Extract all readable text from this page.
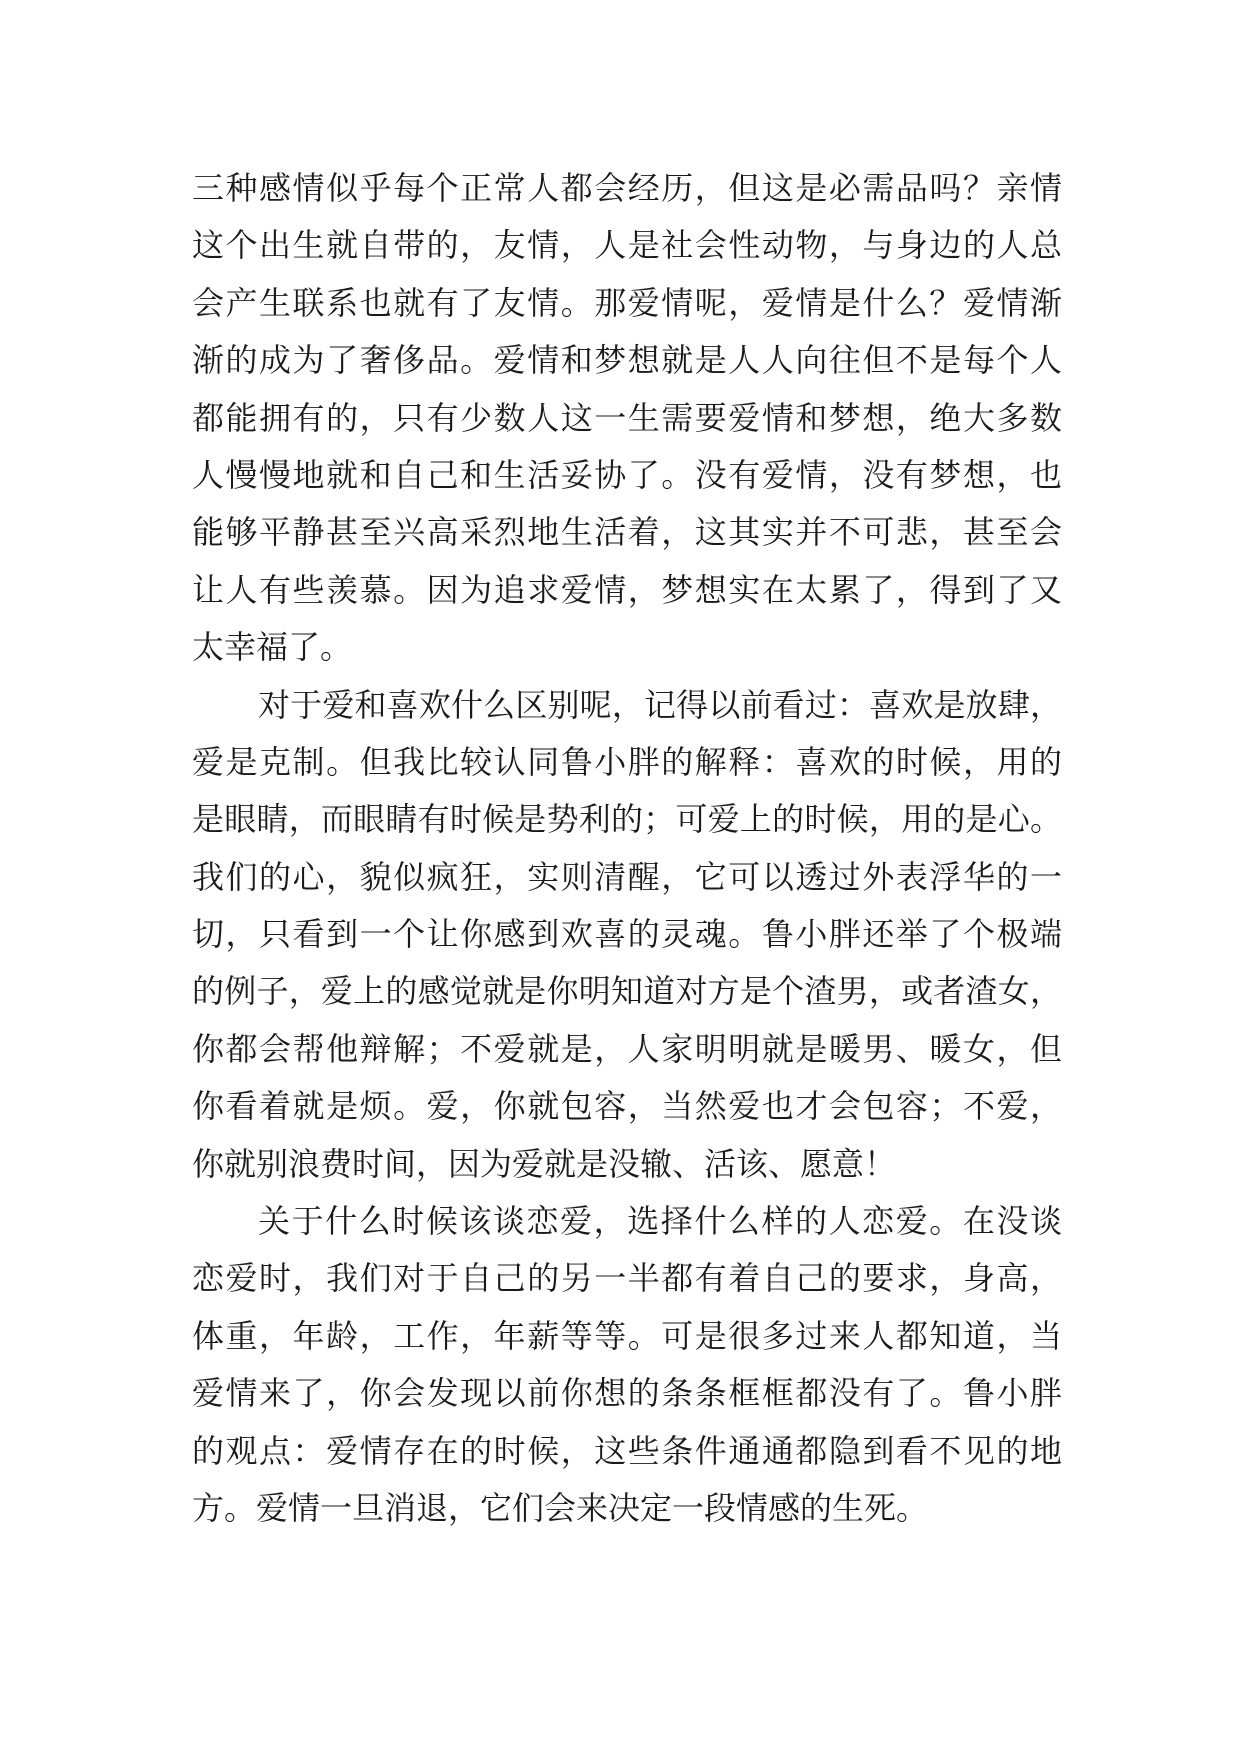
三种感情似乎每个正常人都会经历，但这是必需品吗？亲情
这个出生就自带的，友情，人是社会性动物，与身边的人总
会产生联系也就有了友情。那爱情呢，爱情是什么？爱情渐
渐的成为了奢侈品。爱情和梦想就是人人向往但不是每个人
都能拥有的，只有少数人这一生需要爱情和梦想，绝大多数
人慢慢地就和自己和生活妥协了。没有爱情，没有梦想，也
能够平静甚至兴高采烈地生活着，这其实并不可悲，甚至会
让人有些羡慕。因为追求爱情，梦想实在太累了，得到了又
太幸福了。
对于爱和喜欢什么区别呢，记得以前看过：喜欢是放肆，
爱是克制。但我比较认同鲁小胖的解释：喜欢的时候，用的
是眼睛，而眼睛有时候是势利的；可爱上的时候，用的是心。
我们的心，貌似疯狂，实则清醒，它可以透过外表浮华的一
切，只看到一个让你感到欢喜的灵魂。鲁小胖还举了个极端
的例子，爱上的感觉就是你明知道对方是个渣男，或者渣女，
你都会帮他辩解；不爱就是，人家明明就是暖男、暖女，但
你看着就是烦。爱，你就包容，当然爱也才会包容；不爱，
你就别浪费时间，因为爱就是没辙、活该、愿意！
关于什么时候该谈恋爱，选择什么样的人恋爱。在没谈
恋爱时，我们对于自己的另一半都有着自己的要求，身高，
体重，年龄，工作，年薪等等。可是很多过来人都知道，当
爱情来了，你会发现以前你想的条条框框都没有了。鲁小胖
的观点：爱情存在的时候，这些条件通通都隐到看不见的地
方。爱情一旦消退，它们会来决定一段情感的生死。
